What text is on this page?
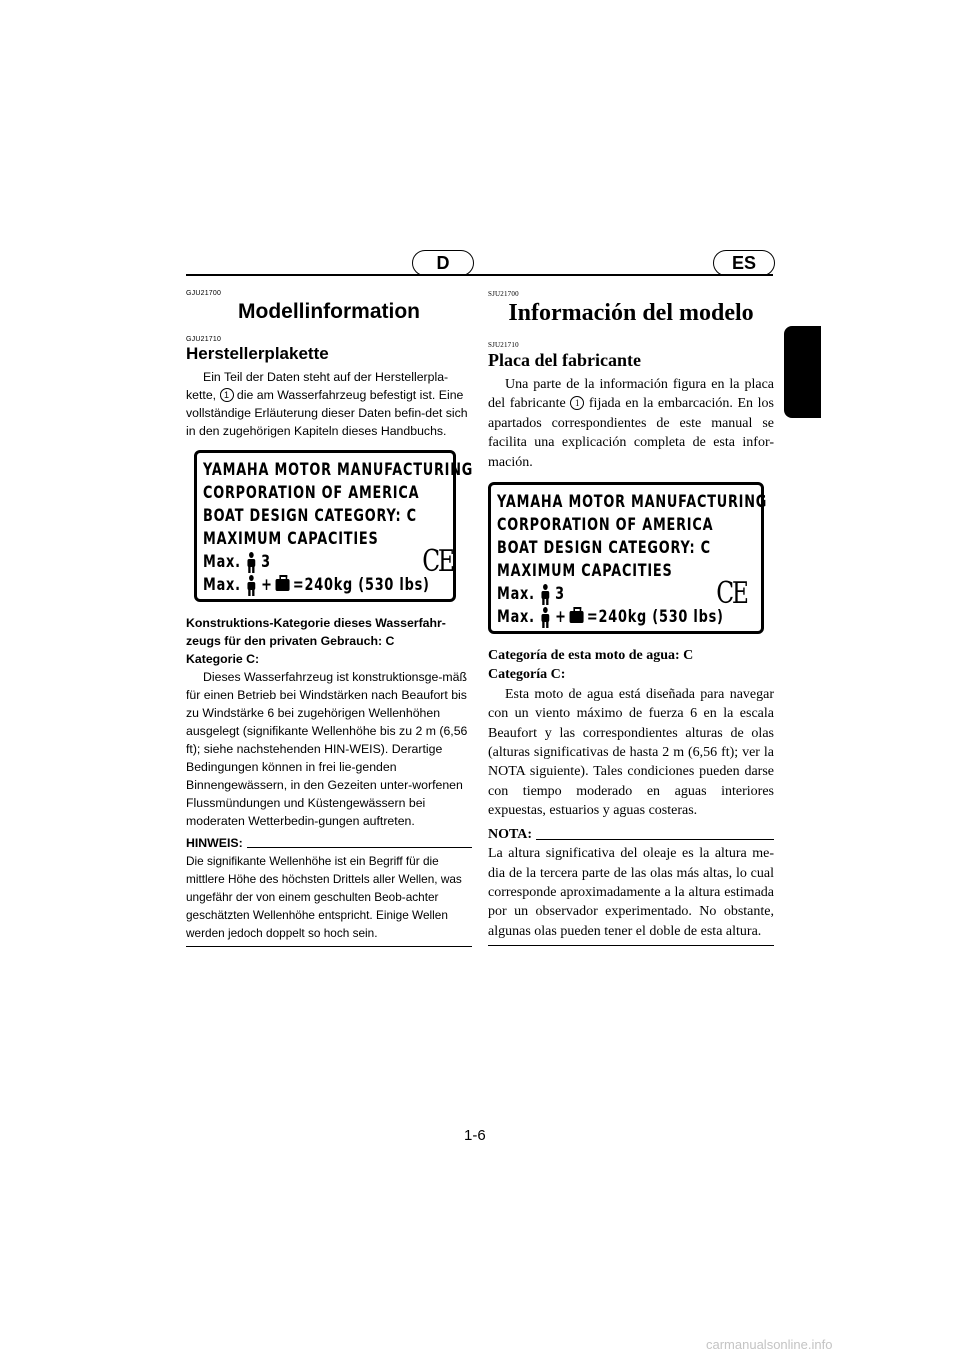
D	ES
GJU21700
Modellinformation
GJU21710
Herstellerplakette
Ein Teil der Daten steht auf der Herstellerpla-kette, 1 die am Wasserfahrzeug befestigt ist. Eine vollständige Erläuterung dieser Daten befin-det sich in den zugehörigen Kapiteln dieses Handbuchs.
YAMAHA MOTOR MANUFACTURING
CORPORATION OF AMERICA
BOAT DESIGN CATEGORY: C
MAXIMUM CAPACITIES
Max. 3	CE
Max. + =240kg (530 lbs)
Konstruktions-Kategorie dieses Wasserfahr-zeugs für den privaten Gebrauch: C
Kategorie C:
Dieses Wasserfahrzeug ist konstruktionsge-mäß für einen Betrieb bei Windstärken nach Beaufort bis zu Windstärke 6 bei zugehörigen Wellenhöhen ausgelegt (signifikante Wellenhöhe bis zu 2 m (6,56 ft); siehe nachstehenden HIN-WEIS). Derartige Bedingungen können in frei lie-genden Binnengewässern, in den Gezeiten unter-worfenen Flussmündungen und Küstengewässern bei moderaten Wetterbedin-gungen auftreten.
HINWEIS:
Die signifikante Wellenhöhe ist ein Begriff für die mittlere Höhe des höchsten Drittels aller Wellen, was ungefähr der von einem geschulten Beob-achter geschätzten Wellenhöhe entspricht. Einige Wellen werden jedoch doppelt so hoch sein.
SJU21700
Información del modelo
SJU21710
Placa del fabricante
Una parte de la información figura en la placa del fabricante 1 fijada en la embarcación. En los apartados correspondientes de este manual se facilita una explicación completa de esta infor-mación.
YAMAHA MOTOR MANUFACTURING
CORPORATION OF AMERICA
BOAT DESIGN CATEGORY: C
MAXIMUM CAPACITIES
Max. 3	CE
Max. + =240kg (530 lbs)
Categoría de esta moto de agua: C
Categoría C:
Esta moto de agua está diseñada para navegar con un viento máximo de fuerza 6 en la escala Beaufort y las correspondientes alturas de olas (alturas significativas de hasta 2 m (6,56 ft); ver la NOTA siguiente). Tales condiciones pueden darse con tiempo moderado en aguas interiores expuestas, estuarios y aguas costeras.
NOTA:
La altura significativa del oleaje es la altura me-dia de la tercera parte de las olas más altas, lo cual corresponde aproximadamente a la altura estimada por un observador experimentado. No obstante, algunas olas pueden tener el doble de esta altura.
1-6
carmanualsonline.info
